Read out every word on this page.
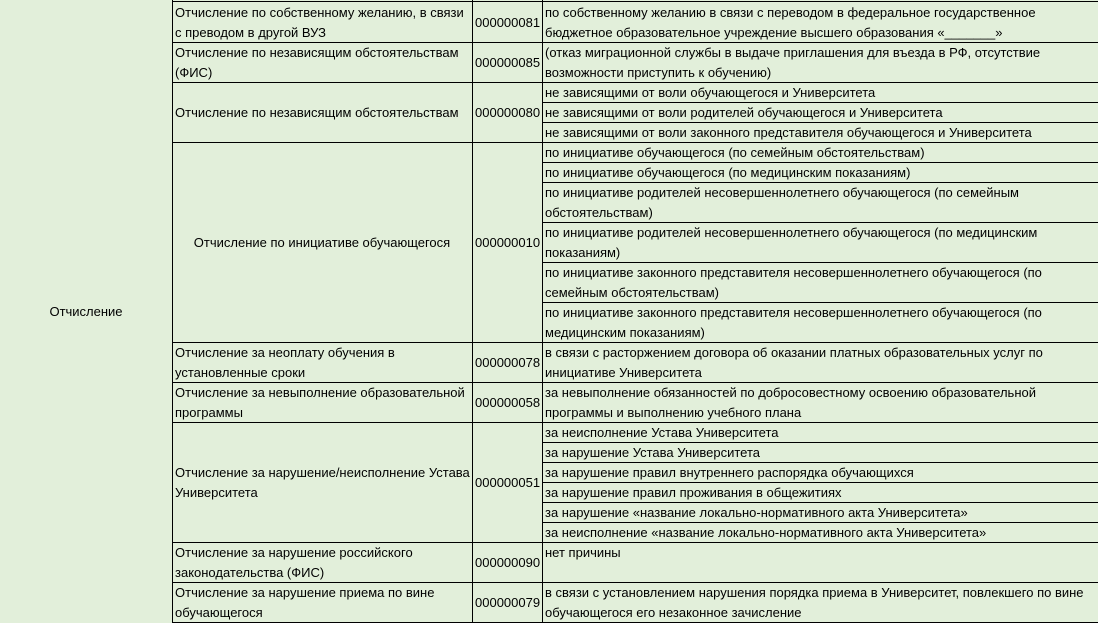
Отчисление
Отчисление по собственному желанию, в связи с преводом в другой ВУЗ
000000081
по собственному желанию в связи с переводом в федеральное государственное бюджетное образовательное учреждение высшего образования «_______»
Отчисление по независящим обстоятельствам (ФИС)
000000085
(отказ миграционной службы в выдаче приглашения для въезда в РФ, отсутствие возможности приступить к обучению)
Отчисление по независящим обстоятельствам 000000080
не зависящими от воли обучающегося и Университета
не зависящими от воли родителей обучающегося и Университета
не зависящими от воли законного представителя обучающегося и Университета
Отчисление по инициативе обучающегося 000000010
по инициативе обучающегося (по семейным обстоятельствам)
по инициативе обучающегося (по медицинским показаниям)
по инициативе родителей несовершеннолетнего обучающегося (по семейным обстоятельствам)
по инициативе родителей несовершеннолетнего обучающегося (по медицинским показаниям)
по инициативе законного представителя несовершеннолетнего обучающегося (по семейным обстоятельствам)
по инициативе законного представителя несовершеннолетнего обучающегося (по медицинским показаниям)
Отчисление за неоплату обучения в установленные сроки
000000078
в связи с расторжением договора об оказании платных образовательных услуг по инициативе Университета
Отчисление за невыполнение образовательной программы
000000058
за невыполнение обязанностей по добросовестному освоению образовательной программы и выполнению учебного плана
Отчисление за нарушение/неисполнение Устава Университета
000000051
за неисполнение Устава Университета
за нарушение Устава Университета
за нарушение правил внутреннего распорядка обучающихся
за нарушение правил проживания в общежитиях
за нарушение «название локально-нормативного акта Университета»
за неисполнение «название локально-нормативного акта Университета»
Отчисление за нарушение российского законодательства (ФИС)
000000090
нет причины
Отчисление за нарушение приема по вине обучающегося
000000079
в связи с установлением нарушения порядка приема в Университет, повлекшего по вине обучающегося его незаконное зачисление
